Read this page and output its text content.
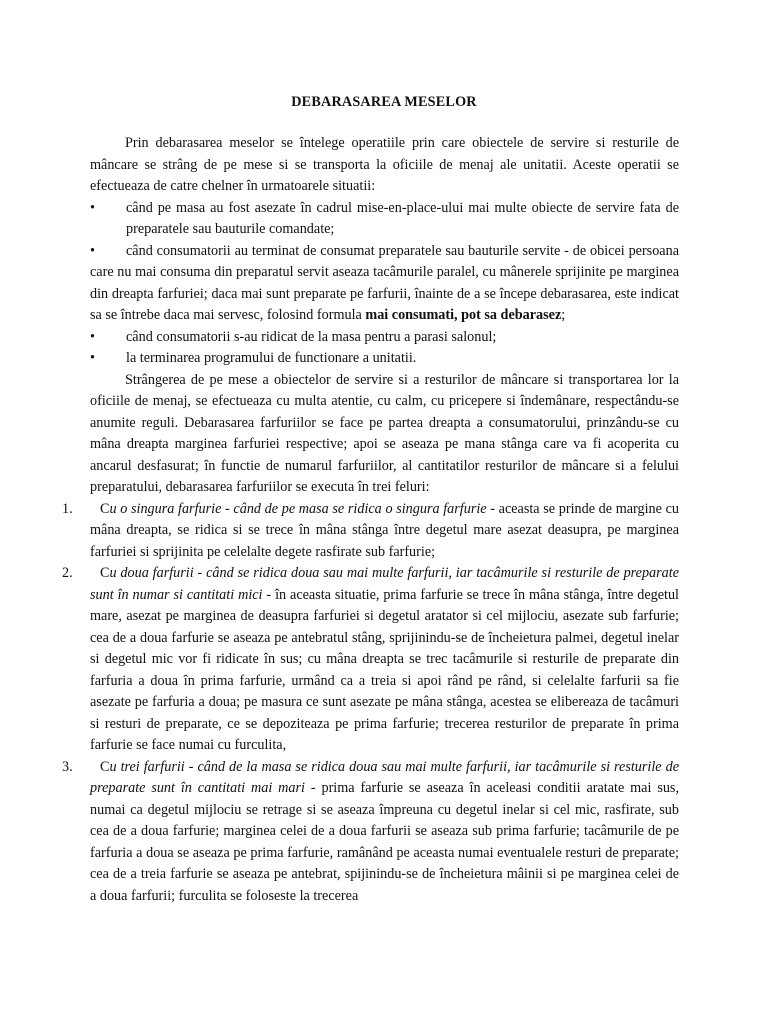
DEBARASAREA MESELOR

Prin debarasarea meselor se întelege operatiile prin care obiectele de servire si resturile de mâncare se strâng de pe mese si se transporta la oficiile de menaj ale unitatii. Aceste operatii se efectueaza de catre chelner în urmatoarele situatii:

• când pe masa au fost asezate în cadrul mise-en-place-ului mai multe obiecte de servire fata de preparatele sau bauturile comandate;

• când consumatorii au terminat de consumat preparatele sau bauturile servite - de obicei persoana care nu mai consuma din preparatul servit aseaza tacâmurile paralel, cu mânerele sprijinite pe marginea din dreapta farfuriei; daca mai sunt preparate pe farfurii, înainte de a se începe debarasarea, este indicat sa se întrebe daca mai servesc, folosind formula mai consumati, pot sa debarasez;

• când consumatorii s-au ridicat de la masa pentru a parasi salonul;

• la terminarea programului de functionare a unitatii.

Strângerea de pe mese a obiectelor de servire si a resturilor de mâncare si transportarea lor la oficiile de menaj, se efectueaza cu multa atentie, cu calm, cu pricepere si îndemânare, respectându-se anumite reguli. Debarasarea farfuriilor se face pe partea dreapta a consumatorului, prinzându-se cu mâna dreapta marginea farfuriei respective; apoi se aseaza pe mana stânga care va fi acoperita cu ancarul desfasurat; în functie de numarul farfuriilor, al cantitatilor resturilor de mâncare si a felului preparatului, debarasarea farfuriilor se executa în trei feluri:

1. Cu o singura farfurie - când de pe masa se ridica o singura farfurie - aceasta se prinde de margine cu mâna dreapta, se ridica si se trece în mâna stânga între degetul mare asezat deasupra, pe marginea farfuriei si sprijinita pe celelalte degete rasfirate sub farfurie;

2. Cu doua farfurii - când se ridica doua sau mai multe farfurii, iar tacâmurile si resturile de preparate sunt în numar si cantitati mici - în aceasta situatie, prima farfurie se trece în mâna stânga, între degetul mare, asezat pe marginea de deasupra farfuriei si degetul aratator si cel mijlociu, asezate sub farfurie; cea de a doua farfurie se aseaza pe antebratul stâng, sprijinindu-se de încheietura palmei, degetul inelar si degetul mic vor fi ridicate în sus; cu mâna dreapta se trec tacâmurile si resturile de preparate din farfuria a doua în prima farfurie, urmând ca a treia si apoi rând pe rând, si celelalte farfurii sa fie asezate pe farfuria a doua; pe masura ce sunt asezate pe mâna stânga, acestea se elibereaza de tacâmuri si resturi de preparate, ce se depoziteaza pe prima farfurie; trecerea resturilor de preparate în prima farfurie se face numai cu furculita,

3. Cu trei farfurii - când de la masa se ridica doua sau mai multe farfurii, iar tacâmurile si resturile de preparate sunt în cantitati mai mari - prima farfurie se aseaza în aceleasi conditii aratate mai sus, numai ca degetul mijlociu se retrage si se aseaza împreuna cu degetul inelar si cel mic, rasfirate, sub cea de a doua farfurie; marginea celei de a doua farfurii se aseaza sub prima farfurie; tacâmurile de pe farfuria a doua se aseaza pe prima farfurie, ramânând pe aceasta numai eventualele resturi de preparate; cea de a treia farfurie se aseaza pe antebrat, spijinindu-se de încheietura mâinii si pe marginea celei de a doua farfurii; furculita se foloseste la trecerea
